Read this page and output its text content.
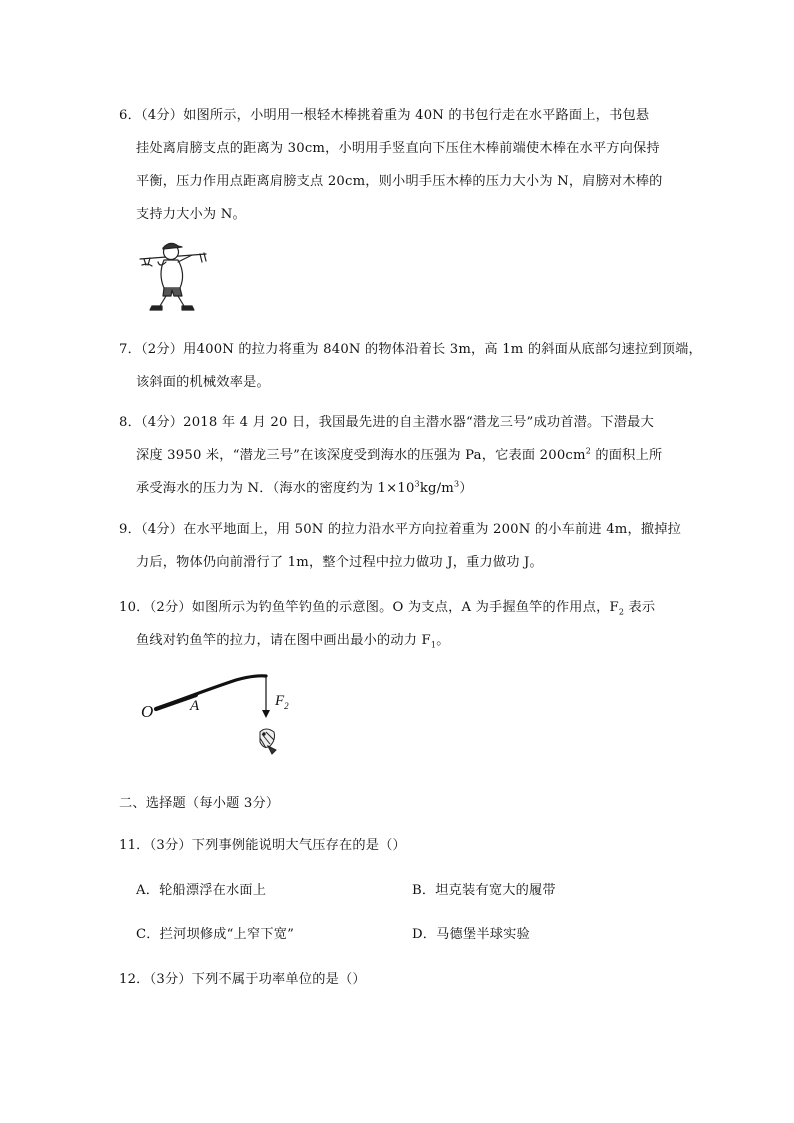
6．（4分）如图所示，小明用一根轻木棒挑着重为 40N 的书包行走在水平路面上，书包悬
挂处离肩膀支点的距离为 30cm，小明用手竖直向下压住木棒前端使木棒在水平方向保持
平衡，压力作用点距离肩膀支点 20cm，则小明手压木棒的压力大小为 N，肩膀对木棒的
支持力大小为 N。
7．（2分）用400N 的拉力将重为 840N 的物体沿着长 3m，高 1m 的斜面从底部匀速拉到顶端，
该斜面的机械效率是。
8．（4分）2018 年 4 月 20 日，我国最先进的自主潜水器“潜龙三号”成功首潜。下潜最大
深度 3950 米，“潜龙三号”在该深度受到海水的压强为 Pa，它表面 $200cm^2$ 的面积上所
承受海水的压力为 N．（海水的密度约为 $1\times 10^3kg/m^3$）
9．（4分）在水平地面上，用 50N 的拉力沿水平方向拉着重为 200N 的小车前进 4m，撤掉拉
力后，物体仍向前滑行了 1m，整个过程中拉力做功 J，重力做功 J。
10．（2分）如图所示为钓鱼竿钓鱼的示意图。O 为支点，A 为手握鱼竿的作用点，$F_2$ 表示
鱼线对钓鱼竿的拉力，请在图中画出最小的动力 $F_1$。
O A	$F_2$
二、选择题（每小题 3分）
11．（3分）下列事例能说明大气压存在的是（）
A．轮船漂浮在水面上	B．坦克装有宽大的履带
C．拦河坝修成“上窄下宽”	D．马德堡半球实验
12．（3分）下列不属于功率单位的是（）
